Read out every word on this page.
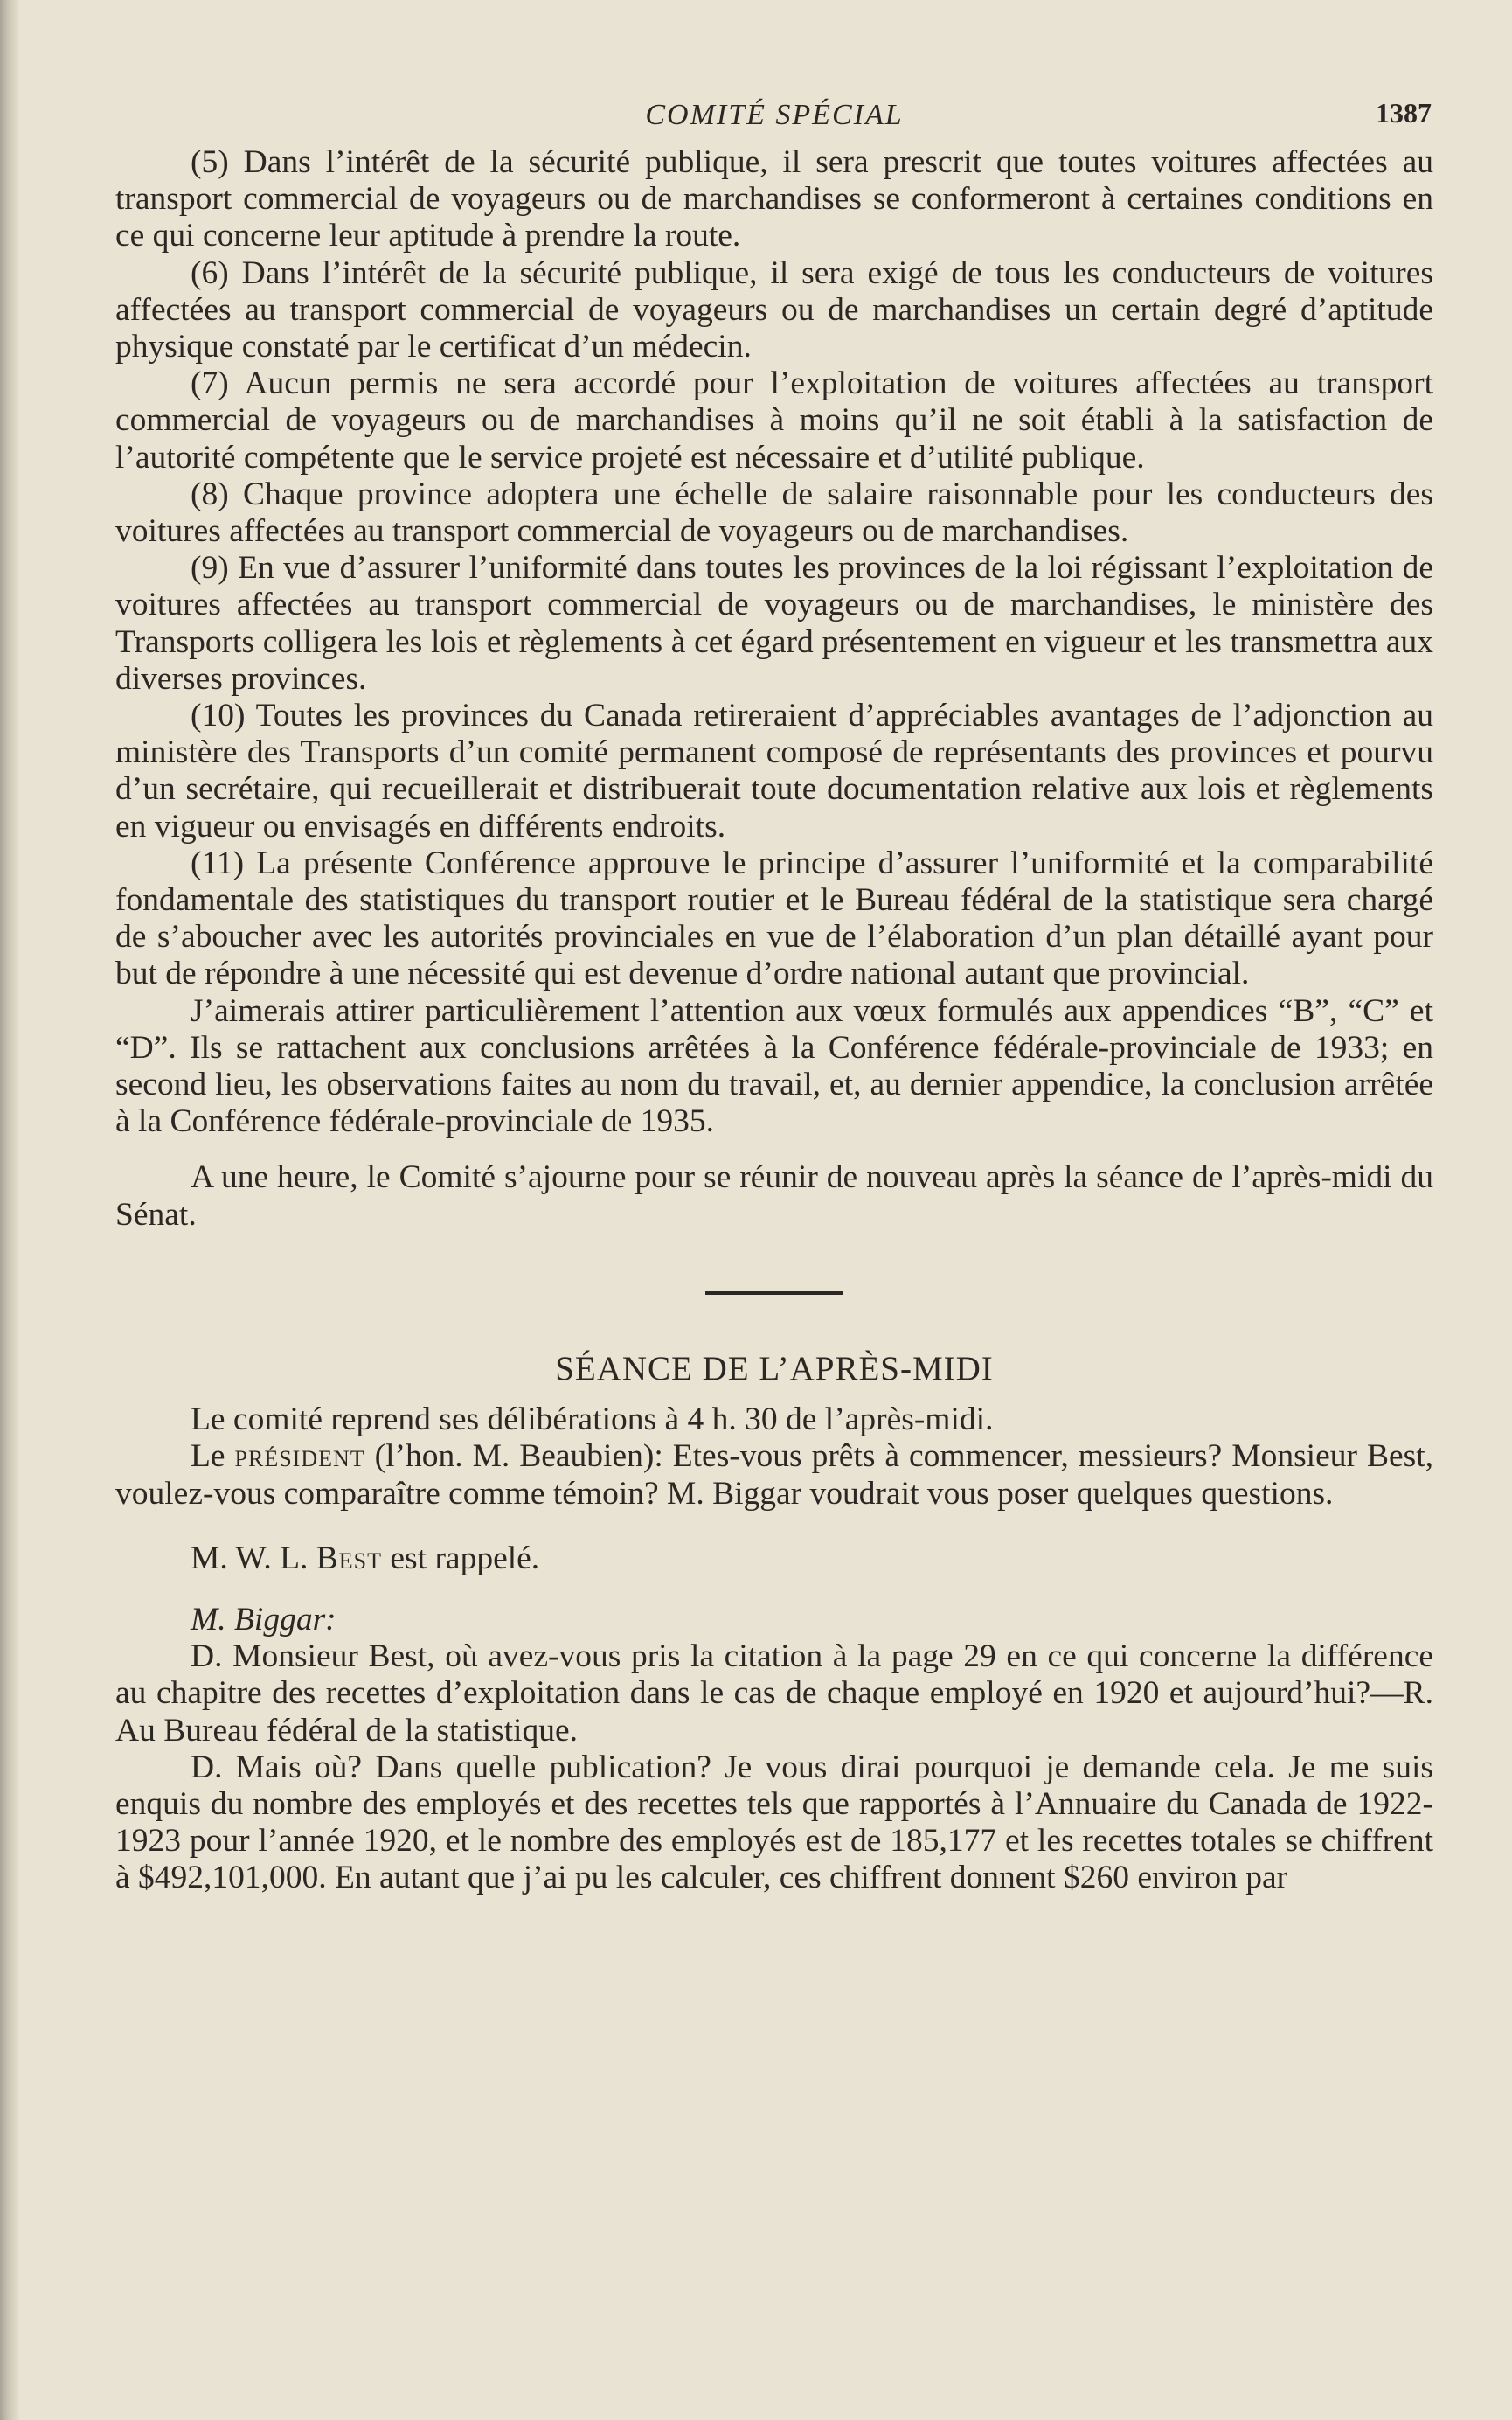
COMITÉ SPÉCIAL	1387

(5) Dans l’intérêt de la sécurité publique, il sera prescrit que toutes voitures affectées au transport commercial de voyageurs ou de marchandises se conformeront à certaines conditions en ce qui concerne leur aptitude à prendre la route.

(6) Dans l’intérêt de la sécurité publique, il sera exigé de tous les conducteurs de voitures affectées au transport commercial de voyageurs ou de marchandises un certain degré d’aptitude physique constaté par le certificat d’un médecin.

(7) Aucun permis ne sera accordé pour l’exploitation de voitures affectées au transport commercial de voyageurs ou de marchandises à moins qu’il ne soit établi à la satisfaction de l’autorité compétente que le service projeté est nécessaire et d’utilité publique.

(8) Chaque province adoptera une échelle de salaire raisonnable pour les conducteurs des voitures affectées au transport commercial de voyageurs ou de marchandises.

(9) En vue d’assurer l’uniformité dans toutes les provinces de la loi régissant l’exploitation de voitures affectées au transport commercial de voyageurs ou de marchandises, le ministère des Transports colligera les lois et règlements à cet égard présentement en vigueur et les transmettra aux diverses provinces.

(10) Toutes les provinces du Canada retireraient d’appréciables avantages de l’adjonction au ministère des Transports d’un comité permanent composé de représentants des provinces et pourvu d’un secrétaire, qui recueillerait et distribuerait toute documentation relative aux lois et règlements en vigueur ou envisagés en différents endroits.

(11) La présente Conférence approuve le principe d’assurer l’uniformité et la comparabilité fondamentale des statistiques du transport routier et le Bureau fédéral de la statistique sera chargé de s’aboucher avec les autorités provinciales en vue de l’élaboration d’un plan détaillé ayant pour but de répondre à une nécessité qui est devenue d’ordre national autant que provincial.

J’aimerais attirer particulièrement l’attention aux vœux formulés aux appendices “B”, “C” et “D”. Ils se rattachent aux conclusions arrêtées à la Conférence fédérale-provinciale de 1933; en second lieu, les observations faites au nom du travail, et, au dernier appendice, la conclusion arrêtée à la Conférence fédérale-provinciale de 1935.

A une heure, le Comité s’ajourne pour se réunir de nouveau après la séance de l’après-midi du Sénat.

SÉANCE DE L’APRÈS-MIDI

Le comité reprend ses délibérations à 4 h. 30 de l’après-midi.

Le président (l’hon. M. Beaubien): Etes-vous prêts à commencer, messieurs? Monsieur Best, voulez-vous comparaître comme témoin? M. Biggar voudrait vous poser quelques questions.

M. W. L. Best est rappelé.

M. Biggar:

D. Monsieur Best, où avez-vous pris la citation à la page 29 en ce qui concerne la différence au chapitre des recettes d’exploitation dans le cas de chaque employé en 1920 et aujourd’hui?—R. Au Bureau fédéral de la statistique.

D. Mais où? Dans quelle publication? Je vous dirai pourquoi je demande cela. Je me suis enquis du nombre des employés et des recettes tels que rapportés à l’Annuaire du Canada de 1922-1923 pour l’année 1920, et le nombre des employés est de 185,177 et les recettes totales se chiffrent à $492,101,000. En autant que j’ai pu les calculer, ces chiffrent donnent $260 environ par
